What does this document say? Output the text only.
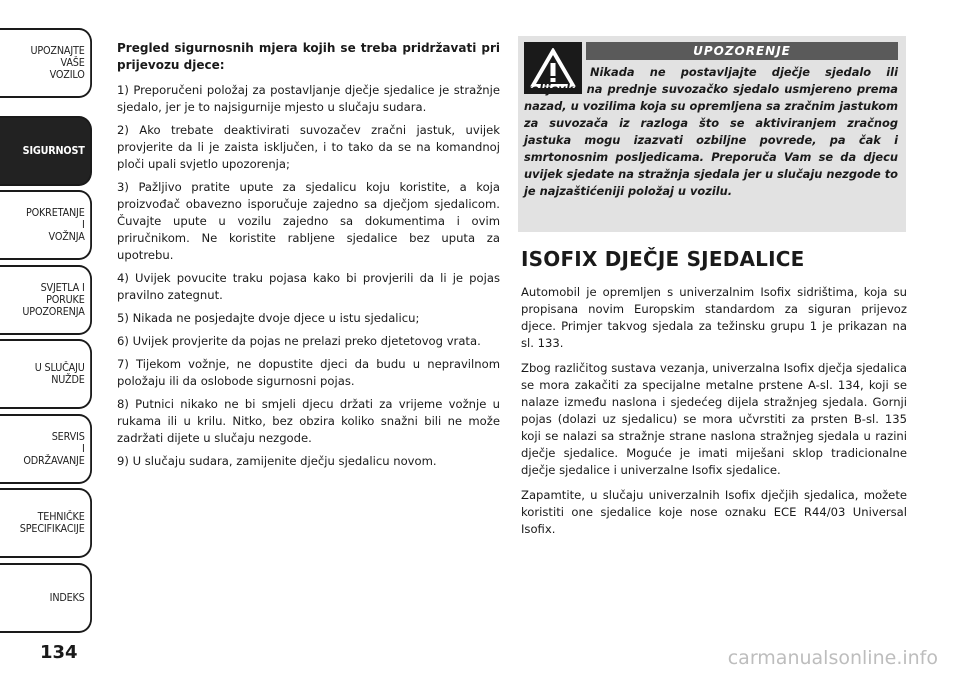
UPOZNAJTE
VAŠE
VOZILO
SIGURNOST
POKRETANJE
I
VOŽNJA
SVJETLA I
PORUKE
UPOZORENJA
U SLUČAJU
NUŽDE
SERVIS
I
ODRŽAVANJE
TEHNIČKE
SPECIFIKACIJE
INDEKS
134
Pregled sigurnosnih mjera kojih se treba pridržavati pri prijevozu djece:

1) Preporučeni položaj za postavljanje dječje sjedalice je stražnje sjedalo, jer je to najsigurnije mjesto u slučaju sudara.

2) Ako trebate deaktivirati suvozačev zračni jastuk, uvijek provjerite da li je zaista isključen, i to tako da se na komandnoj ploči upali svjetlo upozorenja;

3) Pažljivo pratite upute za sjedalicu koju koristite, a koja proizvođač obavezno isporučuje zajedno sa dječjom sjedalicom. Čuvajte upute u vozilu zajedno sa dokumentima i ovim priručnikom. Ne koristite rabljene sjedalice bez uputa za upotrebu.

4) Uvijek povucite traku pojasa kako bi provjerili da li je pojas pravilno zategnut.

5) Nikada ne posjedajte dvoje djece u istu sjedalicu;

6) Uvijek provjerite da pojas ne prelazi preko djetetovog vrata.

7) Tijekom vožnje, ne dopustite djeci da budu u nepravilnom položaju ili da oslobode sigurnosni pojas.

8) Putnici nikako ne bi smjeli djecu držati za vrijeme vožnje u rukama ili u krilu. Nitko, bez obzira koliko snažni bili ne može zadržati dijete u slučaju nezgode.

9) U slučaju sudara, zamijenite dječju sjedalicu novom.

UPOZORENJE
Nikada ne postavljajte dječje sjedalo ili kolijevku na prednje suvozačko sjedalo usmjereno prema nazad, u vozilima koja su opremljena sa zračnim jastukom za suvozača iz razloga što se aktiviranjem zračnog jastuka mogu izazvati ozbiljne povrede, pa čak i smrtonosnim posljedicama. Preporuča Vam se da djecu uvijek sjedate na stražnja sjedala jer u slučaju nezgode to je najzaštićeniji položaj u vozilu.
ISOFIX DJEČJE SJEDALICE

Automobil je opremljen s univerzalnim Isofix sidrištima, koja su propisana novim Europskim standardom za siguran prijevoz djece. Primjer takvog sjedala za težinsku grupu 1 je prikazan na sl. 133.

Zbog različitog sustava vezanja, univerzalna Isofix dječja sjedalica se mora zakačiti za specijalne metalne prstene A-sl. 134, koji se nalaze između naslona i sjedećeg dijela stražnjeg sjedala. Gornji pojas (dolazi uz sjedalicu) se mora učvrstiti za prsten B-sl. 135 koji se nalazi sa stražnje strane naslona stražnjeg sjedala u razini dječje sjedalice. Moguće je imati miješani sklop tradicionalne dječje sjedalice i univerzalne Isofix sjedalice.

Zapamtite, u slučaju univerzalnih Isofix dječjih sjedalica, možete koristiti one sjedalice koje nose oznaku ECE R44/03 Universal Isofix.

carmanualsonline.info
